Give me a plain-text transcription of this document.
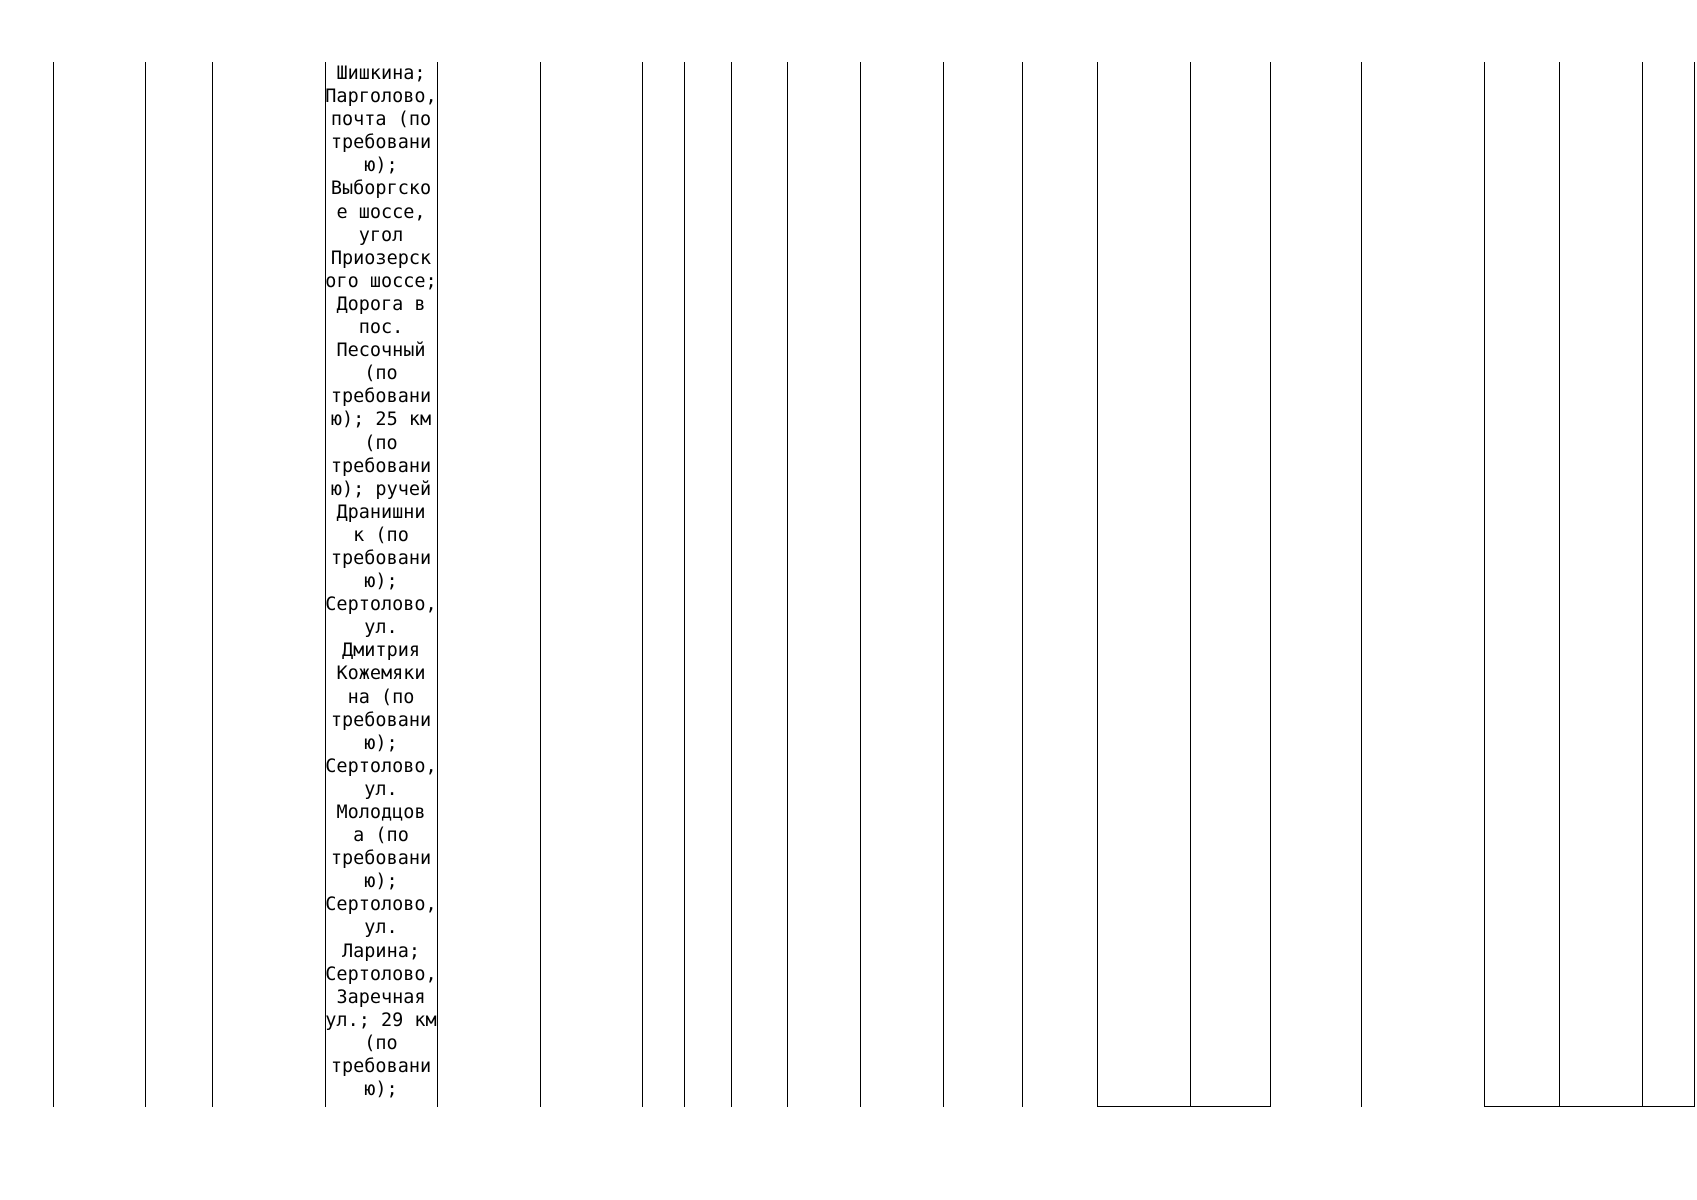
Шишкина;
Парголово,
почта (по
требовани
ю);
Выборгско
е шоссе,
угол
Приозерск
ого шоссе;
Дорога в
пос.
Песочный
(по
требовани
ю); 25 км
(по
требовани
ю); ручей
Дранишни
к (по
требовани
ю);
Сертолово,
ул.
Дмитрия
Кожемяки
на (по
требовани
ю);
Сертолово,
ул.
Молодцов
а (по
требовани
ю);
Сертолово,
ул.
Ларина;
Сертолово,
Заречная
ул.; 29 км
(по
требовани
ю);
